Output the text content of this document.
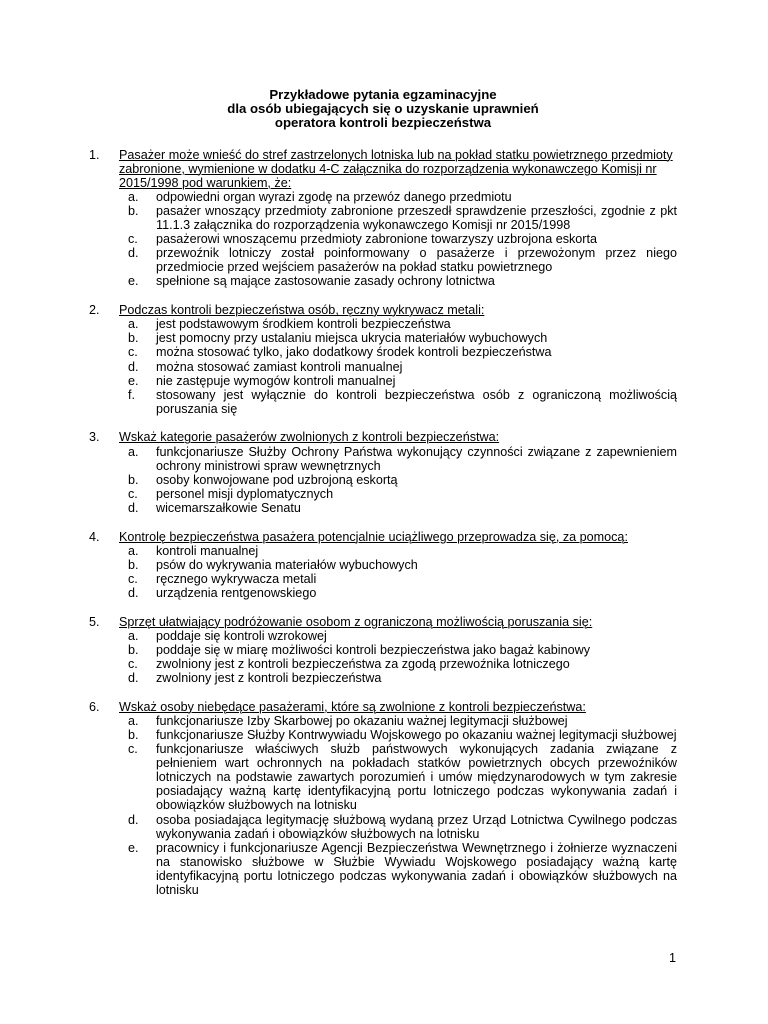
Przykładowe pytania egzaminacyjne
dla osób ubiegających się o uzyskanie uprawnień
operatora kontroli bezpieczeństwa
1. Pasażer może wnieść do stref zastrzelonych lotniska lub na pokład statku powietrznego przedmioty zabronione, wymienione w dodatku 4-C załącznika do rozporządzenia wykonawczego Komisji nr 2015/1998 pod warunkiem, że:
a. odpowiedni organ wyrazi zgodę na przewóz danego przedmiotu
b. pasażer wnoszący przedmioty zabronione przeszedł sprawdzenie przeszłości, zgodnie z pkt 11.1.3 załącznika do rozporządzenia wykonawczego Komisji nr 2015/1998
c. pasażerowi wnoszącemu przedmioty zabronione towarzyszy uzbrojona eskorta
d. przewoźnik lotniczy został poinformowany o pasażerze i przewożonym przez niego przedmiocie przed wejściem pasażerów na pokład statku powietrznego
e. spełnione są mające zastosowanie zasady ochrony lotnictwa
2. Podczas kontroli bezpieczeństwa osób, ręczny wykrywacz metali:
a. jest podstawowym środkiem kontroli bezpieczeństwa
b. jest pomocny przy ustalaniu miejsca ukrycia materiałów wybuchowych
c. można stosować tylko, jako dodatkowy środek kontroli bezpieczeństwa
d. można stosować zamiast kontroli manualnej
e. nie zastępuje wymogów kontroli manualnej
f. stosowany jest wyłącznie do kontroli bezpieczeństwa osób z ograniczoną możliwością poruszania się
3. Wskaż kategorie pasażerów zwolnionych z kontroli bezpieczeństwa:
a. funkcjonariusze Służby Ochrony Państwa wykonujący czynności związane z zapewnieniem ochrony ministrowi spraw wewnętrznych
b. osoby konwojowane pod uzbrojoną eskortą
c. personel misji dyplomatycznych
d. wicemarszałkowie Senatu
4. Kontrolę bezpieczeństwa pasażera potencjalnie uciążliwego przeprowadza się, za pomocą:
a. kontroli manualnej
b. psów do wykrywania materiałów wybuchowych
c. ręcznego wykrywacza metali
d. urządzenia rentgenowskiego
5. Sprzęt ułatwiający podróżowanie osobom z ograniczoną możliwością poruszania się:
a. poddaje się kontroli wzrokowej
b. poddaje się w miarę możliwości kontroli bezpieczeństwa jako bagaż kabinowy
c. zwolniony jest z kontroli bezpieczeństwa za zgodą przewoźnika lotniczego
d. zwolniony jest z kontroli bezpieczeństwa
6. Wskaż osoby niebędące pasażerami, które są zwolnione z kontroli bezpieczeństwa:
a. funkcjonariusze Izby Skarbowej po okazaniu ważnej legitymacji służbowej
b. funkcjonariusze Służby Kontrwywiadu Wojskowego po okazaniu ważnej legitymacji służbowej
c. funkcjonariusze właściwych służb państwowych wykonujących zadania związane z pełnieniem wart ochronnych na pokładach statków powietrznych obcych przewoźników lotniczych na podstawie zawartych porozumień i umów międzynarodowych w tym zakresie posiadający ważną kartę identyfikacyjną portu lotniczego podczas wykonywania zadań i obowiązków służbowych na lotnisku
d. osoba posiadająca legitymację służbową wydaną przez Urząd Lotnictwa Cywilnego podczas wykonywania zadań i obowiązków służbowych na lotnisku
e. pracownicy i funkcjonariusze Agencji Bezpieczeństwa Wewnętrznego i żołnierze wyznaczeni na stanowisko służbowe w Służbie Wywiadu Wojskowego posiadający ważną kartę identyfikacyjną portu lotniczego podczas wykonywania zadań i obowiązków służbowych na lotnisku
1
